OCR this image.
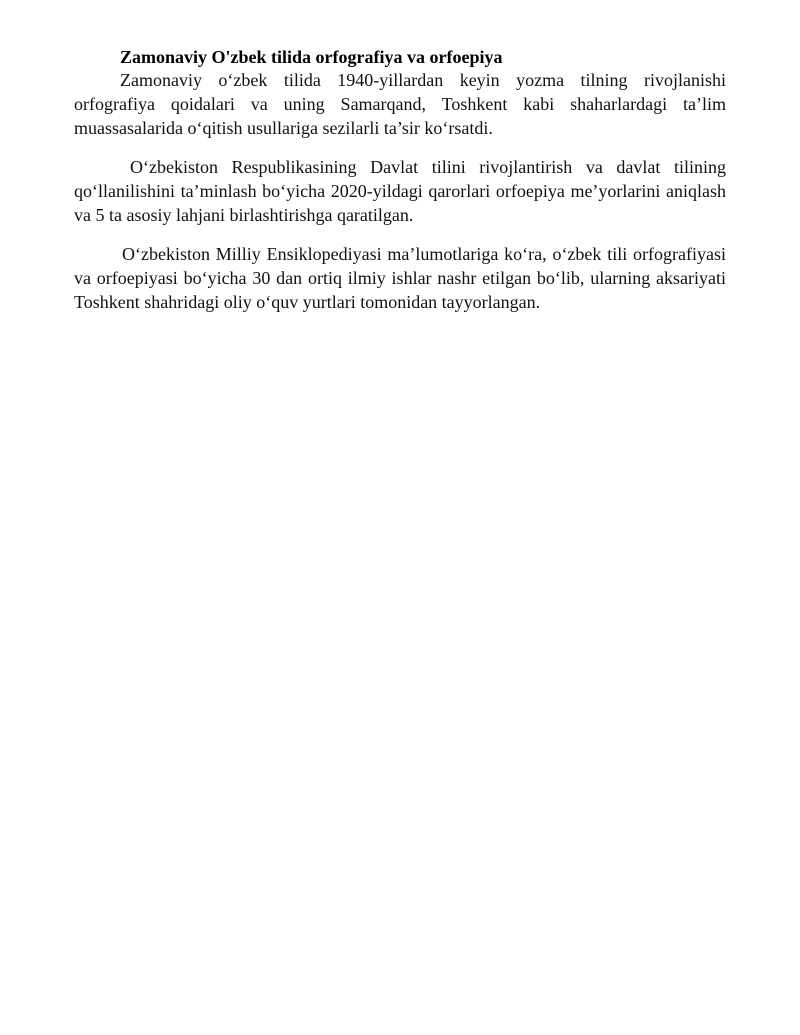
Zamonaviy O'zbek tilida orfografiya va orfoepiya

Zamonaviy o‘zbek tilida 1940-yillardan keyin yozma tilning rivojlanishi orfografiya qoidalari va uning Samarqand, Toshkent kabi shaharlardagi ta’lim muassasalarida o‘qitish usullariga sezilarli ta’sir ko‘rsatdi.

O‘zbekiston Respublikasining Davlat tilini rivojlantirish va davlat tilining qo‘llanilishini ta’minlash bo‘yicha 2020-yildagi qarorlari orfoepiya me’yorlarini aniqlash va 5 ta asosiy lahjani birlashtirishga qaratilgan.

O‘zbekiston Milliy Ensiklopediyasi ma’lumotlariga ko‘ra, o‘zbek tili orfografiyasi va orfoepiyasi bo‘yicha 30 dan ortiq ilmiy ishlar nashr etilgan bo‘lib, ularning aksariyati Toshkent shahridagi oliy o‘quv yurtlari tomonidan tayyorlangan.
